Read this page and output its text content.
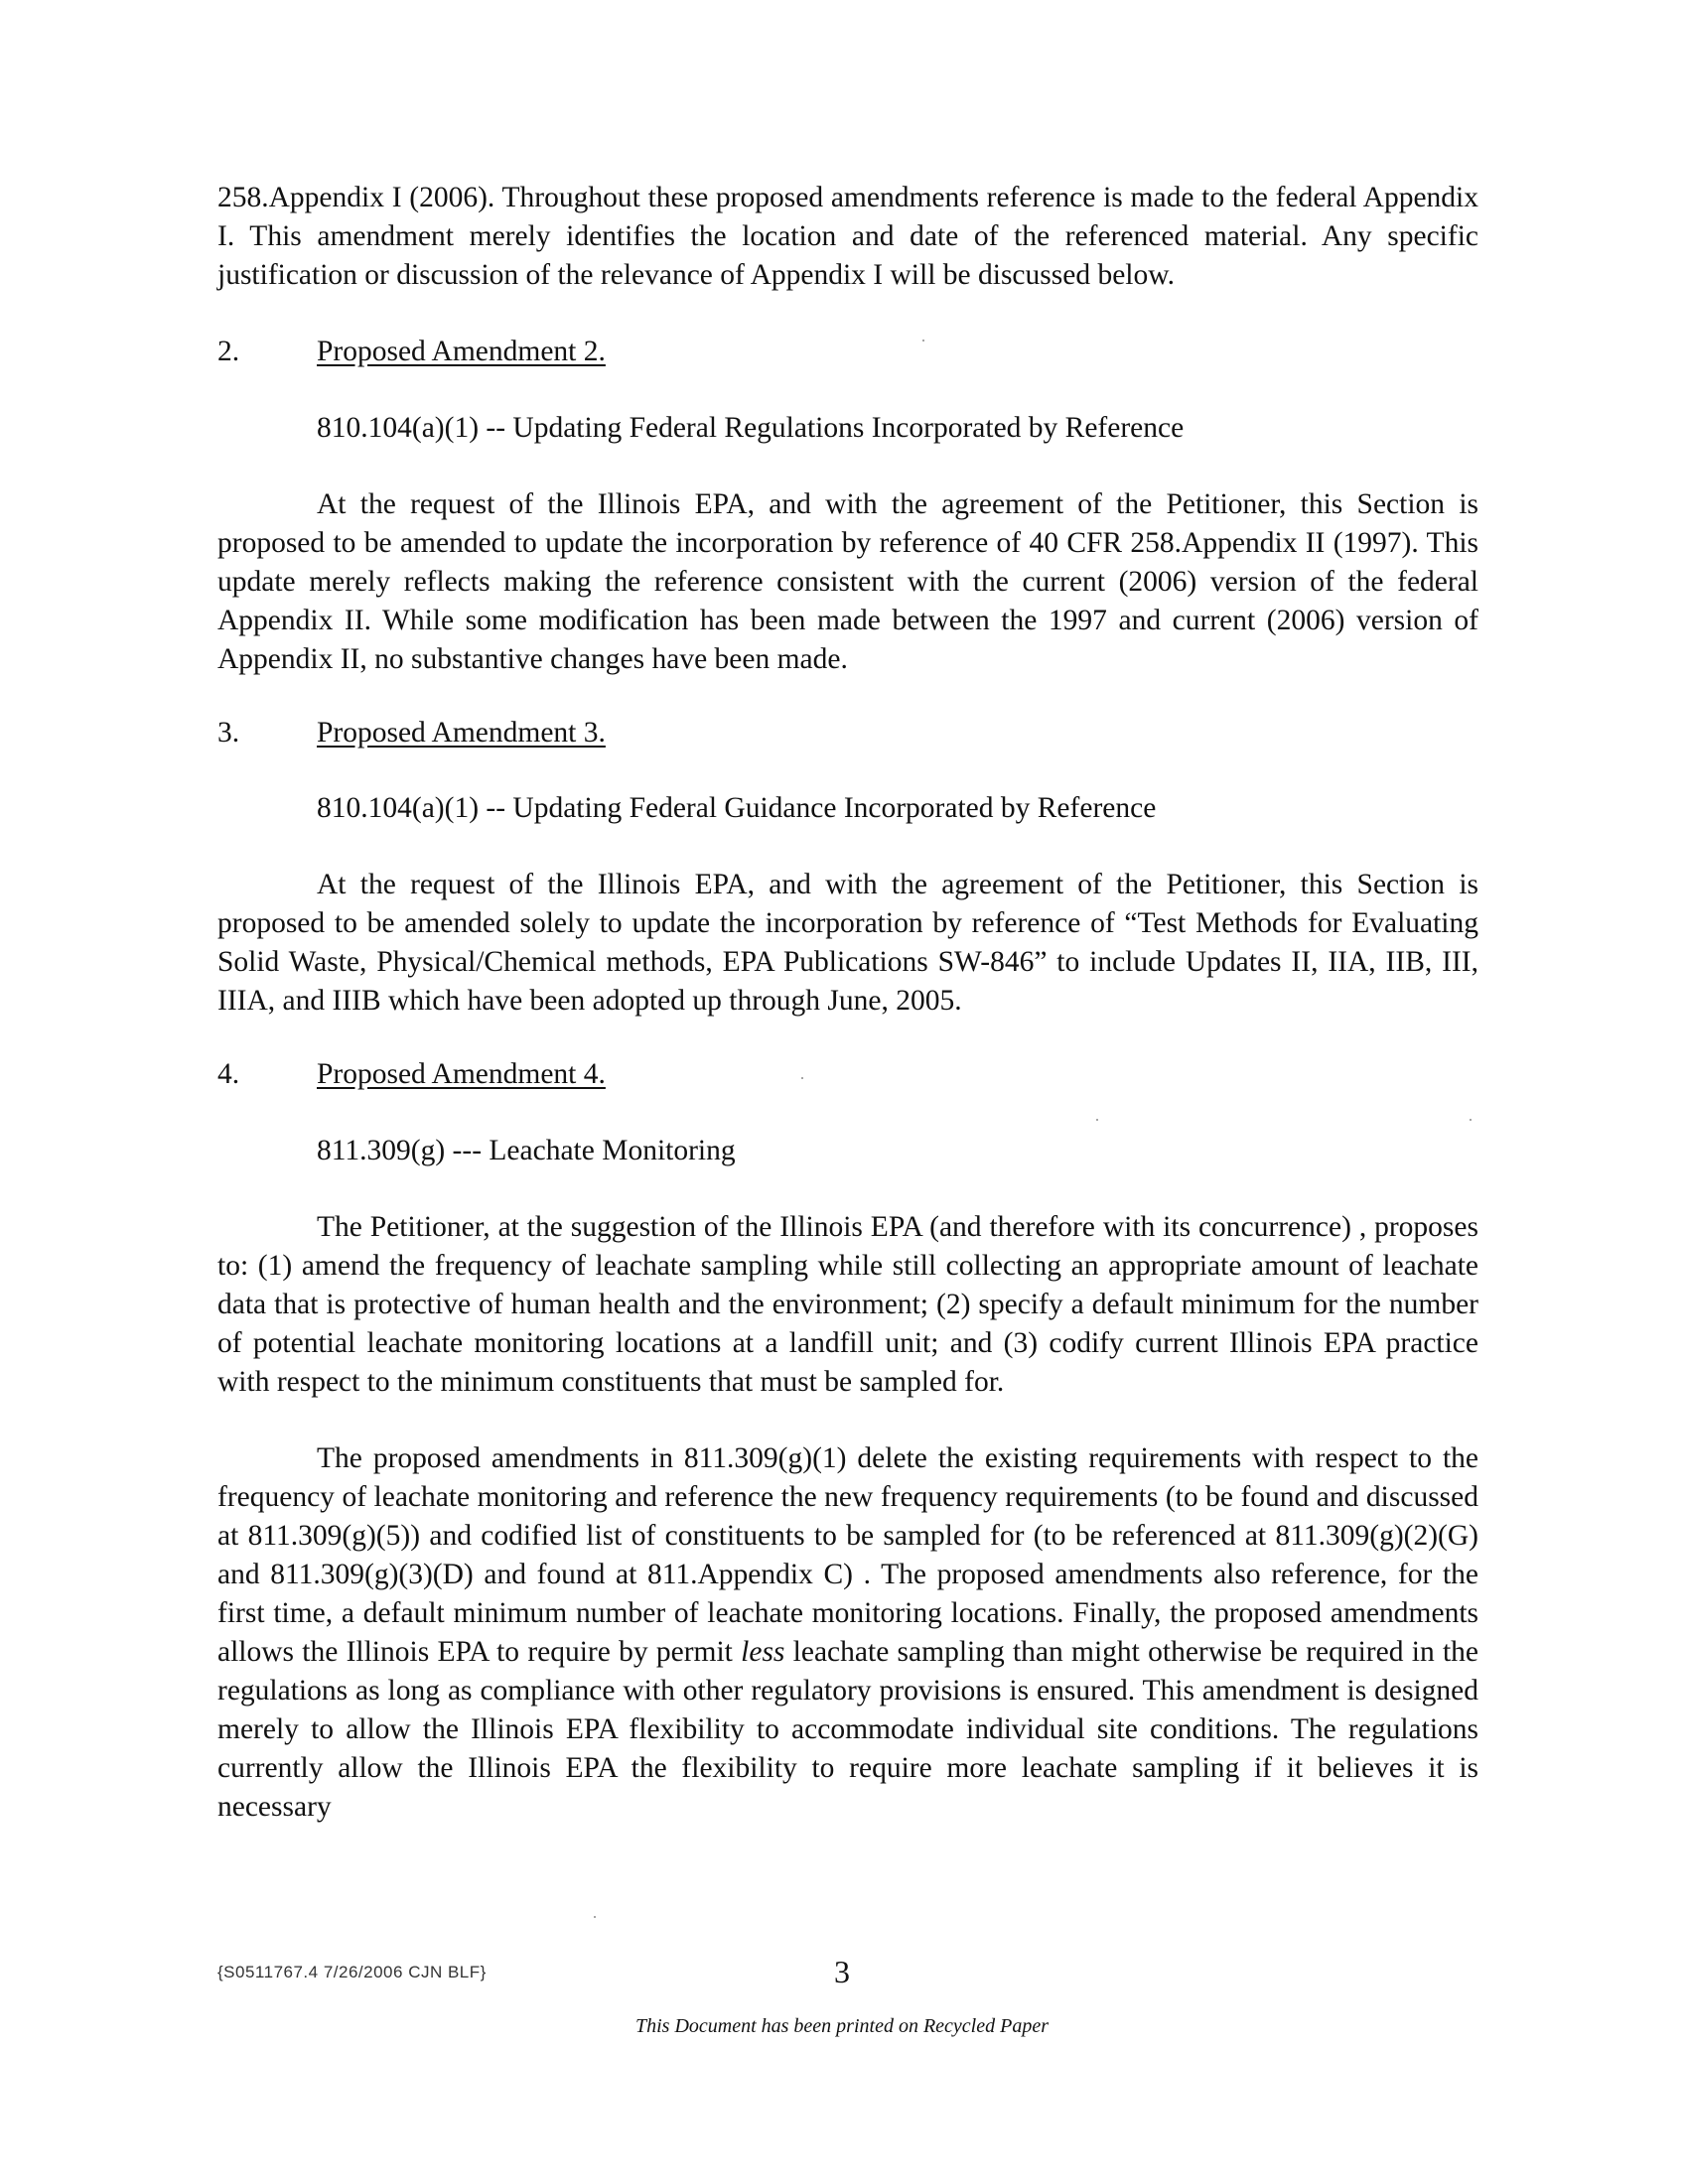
258.Appendix I (2006). Throughout these proposed amendments reference is made to the federal Appendix I. This amendment merely identifies the location and date of the referenced material. Any specific justification or discussion of the relevance of Appendix I will be discussed below.

2.	Proposed Amendment 2.
810.104(a)(1) -- Updating Federal Regulations Incorporated by Reference

At the request of the Illinois EPA, and with the agreement of the Petitioner, this Section is proposed to be amended to update the incorporation by reference of 40 CFR 258.Appendix II (1997). This update merely reflects making the reference consistent with the current (2006) version of the federal Appendix II. While some modification has been made between the 1997 and current (2006) version of Appendix II, no substantive changes have been made.

3.	Proposed Amendment 3.
810.104(a)(1) -- Updating Federal Guidance Incorporated by Reference

At the request of the Illinois EPA, and with the agreement of the Petitioner, this Section is proposed to be amended solely to update the incorporation by reference of “Test Methods for Evaluating Solid Waste, Physical/Chemical methods, EPA Publications SW-846” to include Updates II, IIA, IIB, III, IIIA, and IIIB which have been adopted up through June, 2005.

4.	Proposed Amendment 4.
811.309(g) --- Leachate Monitoring

The Petitioner, at the suggestion of the Illinois EPA (and therefore with its concurrence) , proposes to: (1) amend the frequency of leachate sampling while still collecting an appropriate amount of leachate data that is protective of human health and the environment; (2) specify a default minimum for the number of potential leachate monitoring locations at a landfill unit; and (3) codify current Illinois EPA practice with respect to the minimum constituents that must be sampled for.

The proposed amendments in 811.309(g)(1) delete the existing requirements with respect to the frequency of leachate monitoring and reference the new frequency requirements (to be found and discussed at 811.309(g)(5)) and codified list of constituents to be sampled for (to be referenced at 811.309(g)(2)(G) and 811.309(g)(3)(D) and found at 811.Appendix C) . The proposed amendments also reference, for the first time, a default minimum number of leachate monitoring locations. Finally, the proposed amendments allows the Illinois EPA to require by permit less leachate sampling than might otherwise be required in the regulations as long as compliance with other regulatory provisions is ensured. This amendment is designed merely to allow the Illinois EPA flexibility to accommodate individual site conditions. The regulations currently allow the Illinois EPA the flexibility to require more leachate sampling if it believes it is necessary

{S0511767.4 7/26/2006 CJN BLF}	3
This Document has been printed on Recycled Paper
